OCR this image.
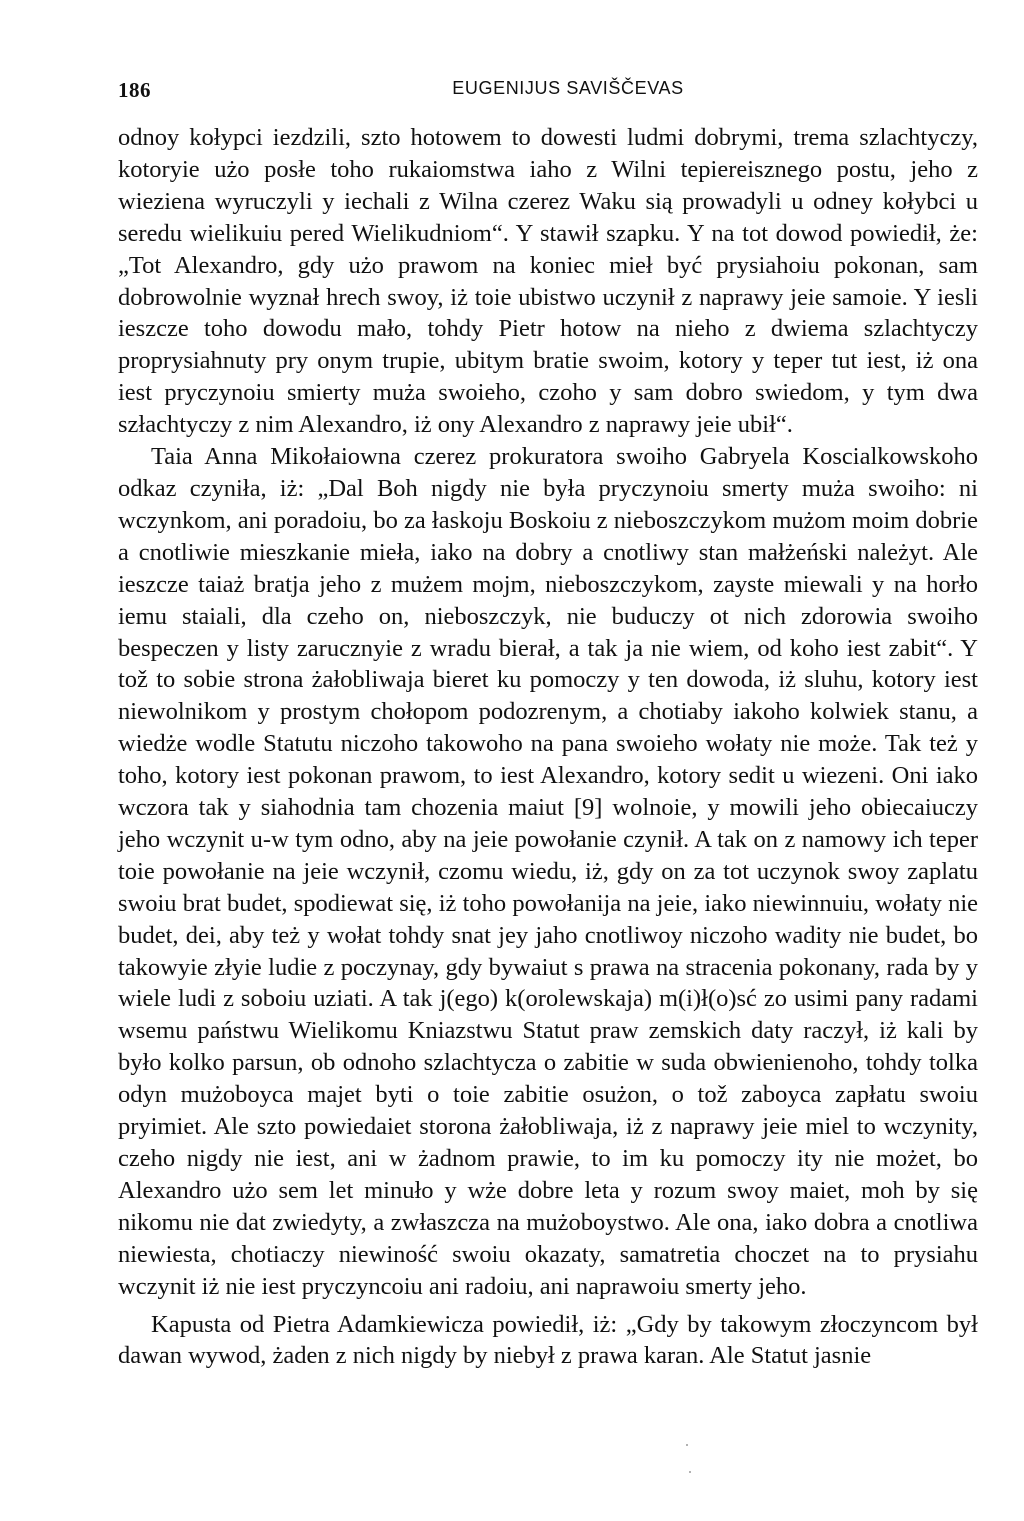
186	EUGENIJUS SAVIŠČEVAS

odnoy kołypci iezdzili, szto hotowem to dowesti ludmi dobrymi, trema szlachtyczy, kotoryie użo posłe toho rukaiomstwa iaho z Wilni tepiereisznego postu, jeho z wieziena wyruczyli y iechali z Wilna czerez Waku sią prowadyli u odney kołybci u seredu wielikuiu pered Wielikudniom“. Y stawił szapku. Y na tot dowod powiedił, że: „Tot Alexandro, gdy użo prawom na koniec mieł być prysiahoiu pokonan, sam dobrowolnie wyznał hrech swoy, iż toie ubistwo uczynił z naprawy jeie samoie. Y iesli ieszcze toho dowodu mało, tohdy Pietr hotow na nieho z dwiema szlachtyczy proprysiahnuty pry onym trupie, ubitym bratie swoim, kotory y teper tut iest, iż ona iest pryczynoiu smierty muża swoieho, czoho y sam dobro swiedom, y tym dwa szłachtyczy z nim Alexandro, iż ony Alexandro z naprawy jeie ubił“.

Taia Anna Mikołaiowna czerez prokuratora swoiho Gabryela Koscialkowskoho odkaz czyniła, iż: „Dal Boh nigdy nie była pryczynoiu smerty muża swoiho: ni wczynkom, ani poradoiu, bo za łaskoju Boskoiu z nieboszczykom mużom moim dobrie a cnotliwie mieszkanie mieła, iako na dobry a cnotliwy stan małżeński należyt. Ale ieszcze taiaż bratja jeho z mużem mojm, nieboszczykom, zayste miewali y na horło iemu staiali, dla czeho on, nieboszczyk, nie buduczy ot nich zdorowia swoiho bespeczen y listy zarucznyie z wradu bierał, a tak ja nie wiem, od koho iest zabit“. Y tož to sobie strona żałobliwaja bieret ku pomoczy y ten dowoda, iż sluhu, kotory iest niewolnikom y prostym chołopom podozrenym, a chotiaby iakoho kolwiek stanu, a wiedże wodle Statutu niczoho takowoho na pana swoieho wołaty nie może. Tak też y toho, kotory iest pokonan prawom, to iest Alexandro, kotory sedit u wiezeni. Oni iako wczora tak y siahodnia tam chozenia maiut [9] wolnoie, y mowili jeho obiecaiuczy jeho wczynit u-w tym odno, aby na jeie powołanie czynił. A tak on z namowy ich teper toie powołanie na jeie wczynił, czomu wiedu, iż, gdy on za tot uczynok swoy zaplatu swoiu brat budet, spodiewat się, iż toho powołanija na jeie, iako niewinnuiu, wołaty nie budet, dei, aby też y wołat tohdy snat jey jaho cnotliwoy niczoho wadity nie budet, bo takowyie złyie ludie z poczynay, gdy bywaiut s prawa na stracenia pokonany, rada by y wiele ludi z soboiu uziati. A tak j(ego) k(orolewskaja) m(i)ł(o)sć zo usimi pany radami wsemu państwu Wielikomu Kniazstwu Statut praw zemskich daty raczył, iż kali by było kolko parsun, ob odnoho szlachtycza o zabitie w suda obwienienoho, tohdy tolka odyn mużoboyca majet byti o toie zabitie osużon, o tož zaboyca zapłatu swoiu pryimiet. Ale szto powiedaiet storona żałobliwaja, iż z naprawy jeie miel to wczynity, czeho nigdy nie iest, ani w żadnom prawie, to im ku pomoczy ity nie możet, bo Alexandro użo sem let minuło y wże dobre leta y rozum swoy maiet, moh by się nikomu nie dat zwiedyty, a zwłaszcza na mużoboystwo. Ale ona, iako dobra a cnotliwa niewiesta, chotiaczy niewiność swoiu okazaty, samatretia choczet na to prysiahu wczynit iż nie iest pryczyncoiu ani radoiu, ani naprawoiu smerty jeho.

Kapusta od Pietra Adamkiewicza powiedił, iż: „Gdy by takowym złoczyncom był dawan wywod, żaden z nich nigdy by niebył z prawa karan. Ale Statut jasnie
